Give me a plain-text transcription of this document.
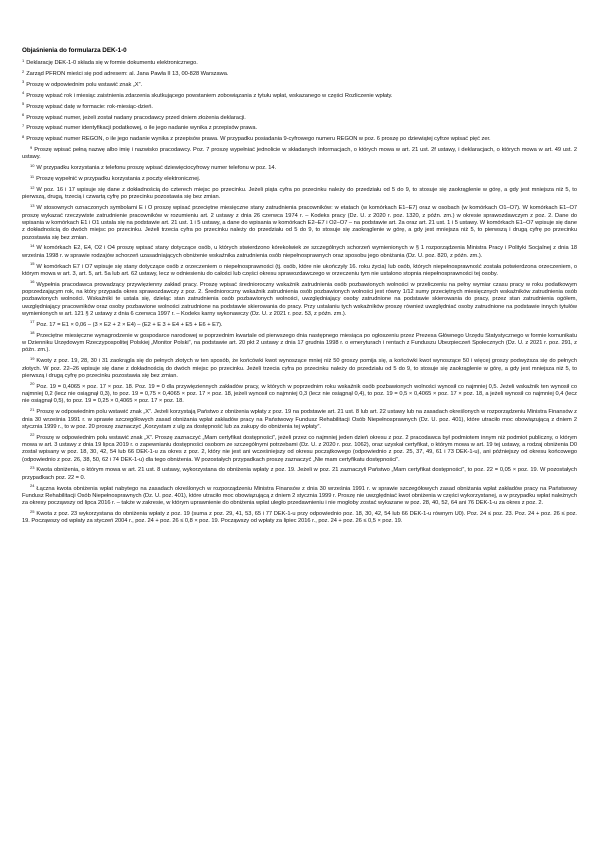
Objaśnienia do formularza DEK-1-0

$^1$ Deklarację DEK-1-0 składa się w formie dokumentu elektronicznego.

$^2$ Zarząd PFRON mieści się pod adresem: al. Jana Pawła II 13, 00-828 Warszawa.

$^3$ Proszę w odpowiednim polu wstawić znak „X”.

$^4$ Proszę wpisać rok i miesiąc zaistnienia zdarzenia skutkującego powstaniem zobowiązania z tytułu wpłat, wskazanego w części Rozliczenie wpłaty.

$^5$ Proszę wpisać datę w formacie: rok-miesiąc-dzień.

$^6$ Proszę wpisać numer, jeżeli został nadany pracodawcy przed dniem złożenia deklaracji.

$^7$ Proszę wpisać numer identyfikacji podatkowej, o ile jego nadanie wynika z przepisów prawa.

$^8$ Proszę wpisać numer REGON, o ile jego nadanie wynika z przepisów prawa. W przypadku posiadania 9-cyfrowego numeru REGON w poz. 6 proszę po dziewiątej cyfrze wpisać pięć zer.

$^9$ Proszę wpisać pełną nazwę albo imię i nazwisko pracodawcy. Poz. 7 proszę wypełniać jednolicie w składanych informacjach, o których mowa w art. 21 ust. 2f ustawy, i deklaracjach, o których mowa w art. 49 ust. 2 ustawy.

$^{10}$ W przypadku korzystania z telefonu proszę wpisać dziewięciocyfrowy numer telefonu w poz. 14.

$^{11}$ Proszę wypełnić w przypadku korzystania z poczty elektronicznej.

$^{12}$ W poz. 16 i 17 wpisuje się dane z dokładnością do czterech miejsc po przecinku. Jeżeli piąta cyfra po przecinku należy do przedziału od 5 do 9, to stosuje się zaokrąglenie w górę, a gdy jest mniejsza niż 5, to pierwszą, drugą, trzecią i czwartą cyfrę po przecinku pozostawia się bez zmian.

$^{13}$ W stosownych oznaczonych symbolami E i O proszę wpisać przeciętne miesięczne stany zatrudnienia pracowników: w etatach (w komórkach E1–E7) oraz w osobach (w komórkach O1–O7). W komórkach E1–O7 proszę wykazać rzeczywiste zatrudnienie pracowników w rozumieniu art. 2 ustawy z dnia 26 czerwca 1974 r. – Kodeks pracy (Dz. U. z 2020 r. poz. 1320, z późn. zm.) w okresie sprawozdawczym z poz. 2. Dane do wpisania w komórkach E1 i O1 ustala się na podstawie art. 21 ust. 1 i 5 ustawy, a dane do wpisania w komórkach E2–E7 i O2–O7 – na podstawie art. 2a oraz art. 21 ust. 1 i 5 ustawy. W komórkach E1–O7 wpisuje się dane z dokładnością do dwóch miejsc po przecinku. Jeżeli trzecia cyfra po przecinku należy do przedziału od 5 do 9, to stosuje się zaokrąglenie w górę, a gdy jest mniejsza niż 5, to pierwszą i drugą cyfrę po przecinku pozostawia się bez zmian.

$^{14}$ W komórkach E2, E4, O2 i O4 proszę wpisać stany dotyczące osób, u których stwierdzono kórekolwiek ze szczególnych schorzeń wymienionych w § 1 rozporządzenia Ministra Pracy i Polityki Socjalnej z dnia 18 września 1998 r. w sprawie rodzajów schorzeń uzasadniających obniżenie wskaźnika zatrudnienia osób niepełnosprawnych oraz sposobu jego obniżania (Dz. U. poz. 820, z późn. zm.).

$^{15}$ W komórkach E7 i O7 wpisuje się stany dotyczące osób z orzeczeniem o niepełnosprawności (tj. osób, które nie ukończyły 16. roku życia) lub osób, których niepełnosprawność została potwierdzona orzeczeniem, o którym mowa w art. 3, art. 5, art. 5a lub art. 62 ustawy, lecz w odniesieniu do całości lub części okresu sprawozdawczego w orzeczeniu tym nie ustalono stopnia niepełnosprawności tej osoby.

$^{16}$ Wypełnia pracodawca prowadzący przywięzienny zakład pracy. Proszę wpisać średnioroczny wskaźnik zatrudnienia osób pozbawionych wolności w przeliczeniu na pełny wymiar czasu pracy w roku podatkowym poprzedzającym rok, na który przypada okres sprawozdawczy z poz. 2. Średnioroczny wskaźnik zatrudnienia osób pozbawionych wolności jest równy 1/12 sumy przeciętnych miesięcznych wskaźników zatrudnienia osób pozbawionych wolności. Wskaźniki te ustala się, dzieląc stan zatrudnienia osób pozbawionych wolności, uwzględniający osoby zatrudnione na podstawie skierowania do pracy, przez stan zatrudnienia ogółem, uwzględniający pracowników oraz osoby pozbawione wolności zatrudnione na podstawie skierowania do pracy. Przy ustalaniu tych wskaźników proszę również uwzględniać osoby zatrudnione na podstawie innych tytułów wymienionych w art. 121 § 2 ustawy z dnia 6 czerwca 1997 r. – Kodeks karny wykonawczy (Dz. U. z 2021 r. poz. 53, z późn. zm.).

$^{17}$ Poz. 17 = E1 × 0,06 – (3 × E2 + 2 × E4) – (E2 + E 3 + E4 + E5 + E6 + E7).

$^{18}$ Przeciętne miesięczne wynagrodzenie w gospodarce narodowej w poprzednim kwartale od pierwszego dnia następnego miesiąca po ogłoszeniu przez Prezesa Głównego Urzędu Statystycznego w formie komunikatu w Dzienniku Urzędowym Rzeczypospolitej Polskiej „Monitor Polski”, na podstawie art. 20 pkt 2 ustawy z dnia 17 grudnia 1998 r. o emeryturach i rentach z Funduszu Ubezpieczeń Społecznych (Dz. U. z 2021 r. poz. 291, z późn. zm.).

$^{19}$ Kwoty z poz. 19, 28, 30 i 31 zaokrągla się do pełnych złotych w ten sposób, że końcówki kwot wynoszące mniej niż 50 groszy pomija się, a końcówki kwot wynoszące 50 i więcej groszy podwyższa się do pełnych złotych. W poz. 22–26 wpisuje się dane z dokładnością do dwóch miejsc po przecinku. Jeżeli trzecia cyfra po przecinku należy do przedziału od 5 do 9, to stosuje się zaokrąglenie w górę, a gdy jest mniejsza niż 5, to pierwszą i drugą cyfrę po przecinku pozostawia się bez zmian.

$^{20}$ Poz. 19 = 0,4065 × poz. 17 × poz. 18. Poz. 19 = 0 dla przywięziennych zakładów pracy, w których w poprzednim roku wskaźnik osób pozbawionych wolności wynosił co najmniej 0,5. Jeżeli wskaźnik ten wynosił co najmniej 0,2 (lecz nie osiągnął 0,3), to poz. 19 = 0,75 × 0,4065 × poz. 17 × poz. 18, jeżeli wynosił co najmniej 0,3 (lecz nie osiągnął 0,4), to poz. 19 = 0,5 × 0,4065 × poz. 17 × poz. 18, a jeżeli wynosił co najmniej 0,4 (lecz nie osiągnął 0,5), to poz. 19 = 0,25 × 0,4065 × poz. 17 × poz. 18.

$^{21}$ Proszę w odpowiednim polu wstawić znak „X”. Jeżeli korzystają Państwo z obniżenia wpłaty z poz. 19 na podstawie art. 21 ust. 8 lub art. 22 ustawy lub na zasadach określonych w rozporządzeniu Ministra Finansów z dnia 30 września 1991 r. w sprawie szczegółowych zasad obniżania wpłat zakładów pracy na Państwowy Fundusz Rehabilitacji Osób Niepełnosprawnych (Dz. U. poz. 401), które utraciło moc obowiązującą z dniem 2 stycznia 1999 r., to w poz. 20 proszę zaznaczyć „Korzystam z ulg za dostępność lub za zakupy do obniżenia tej wpłaty”.

$^{22}$ Proszę w odpowiednim polu wstawić znak „X”. Proszę zaznaczyć „Mam certyfikat dostępności”, jeżeli przez co najmniej jeden dzień okresu z poz. 2 pracodawca był podmiotem innym niż podmiot publiczny, o którym mowa w art. 3 ustawy z dnia 19 lipca 2019 r. o zapewnianiu dostępności osobom ze szczególnymi potrzebami (Dz. U. z 2020 r. poz. 1062), oraz uzyskał certyfikat, o którym mowa w art. 19 tej ustawy, a rodzaj obniżenia D0 został wpisany w poz. 18, 30, 42, 54 lub 66 DEK-1-u za okres z poz. 2, który nie jest ani wcześniejszy od okresu początkowego (odpowiednio z poz. 25, 37, 49, 61 i 73 DEK-1-u), ani późniejszy od okresu końcowego (odpowiednio z poz. 26, 38, 50, 62 i 74 DEK-1-u) dla tego obniżenia. W pozostałych przypadkach proszę zaznaczyć „Nie mam certyfikatu dostępności”.

$^{23}$ Kwota obniżenia, o którym mowa w art. 21 ust. 8 ustawy, wykorzystana do obniżenia wpłaty z poz. 19. Jeżeli w poz. 21 zaznaczyli Państwo „Mam certyfikat dostępności”, to poz. 22 = 0,05 × poz. 19. W pozostałych przypadkach poz. 22 = 0.

$^{24}$ Łączna kwota obniżenia wpłat nabytego na zasadach określonych w rozporządzeniu Ministra Finansów z dnia 30 września 1991 r. w sprawie szczegółowych zasad obniżania wpłat zakładów pracy na Państwowy Fundusz Rehabilitacji Osób Niepełnosprawnych (Dz. U. poz. 401), które utraciło moc obowiązującą z dniem 2 stycznia 1999 r. Proszę nie uwzględniać kwot obniżenia w części wykorzystanej, a w przypadku wpłat należnych za okresy począwszy od lipca 2016 r. – także w zakresie, w którym uprawnienie do obniżenia wpłat uległo przedawnieniu i nie mogłoby zostać wykazane w poz. 28, 40, 52, 64 ani 76 DEK-1-u za okres z poz. 2.

$^{25}$ Kwota z poz. 23 wykorzystana do obniżenia wpłaty z poz. 19 (suma z poz. 29, 41, 53, 65 i 77 DEK-1-u przy odpowiednio poz. 18, 30, 42, 54 lub 66 DEK-1-u równym U0). Poz. 24 ≤ poz. 23. Poz. 24 + poz. 26 ≤ poz. 19. Począwszy od wpłaty za styczeń 2004 r., poz. 24 + poz. 26 ≤ 0,8 × poz. 19. Począwszy od wpłaty za lipiec 2016 r., poz. 24 + poz. 26 ≤ 0,5 × poz. 19.
